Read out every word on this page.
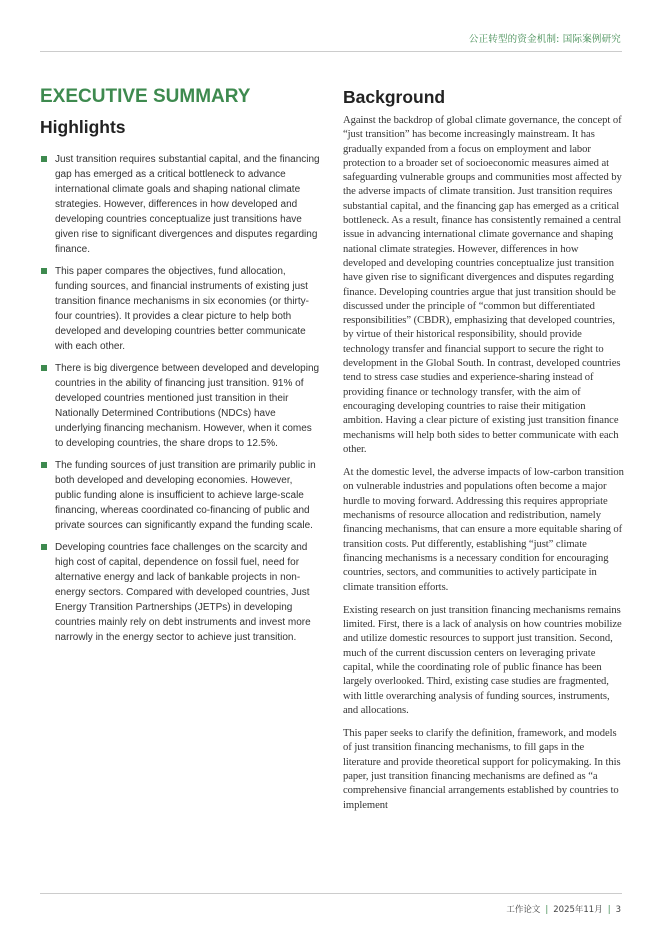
公正转型的资金机制: 国际案例研究
EXECUTIVE SUMMARY
Highlights
Just transition requires substantial capital, and the financing gap has emerged as a critical bottleneck to advance international climate goals and shaping national climate strategies. However, differences in how developed and developing countries conceptualize just transitions have given rise to significant divergences and disputes regarding finance.
This paper compares the objectives, fund allocation, funding sources, and financial instruments of existing just transition finance mechanisms in six economies (or thirty-four countries). It provides a clear picture to help both developed and developing countries better communicate with each other.
There is big divergence between developed and developing countries in the ability of financing just transition. 91% of developed countries mentioned just transition in their Nationally Determined Contributions (NDCs) have underlying financing mechanism. However, when it comes to developing countries, the share drops to 12.5%.
The funding sources of just transition are primarily public in both developed and developing economies. However, public funding alone is insufficient to achieve large-scale financing, whereas coordinated co-financing of public and private sources can significantly expand the funding scale.
Developing countries face challenges on the scarcity and high cost of capital, dependence on fossil fuel, need for alternative energy and lack of bankable projects in non-energy sectors. Compared with developed countries, Just Energy Transition Partnerships (JETPs) in developing countries mainly rely on debt instruments and invest more narrowly in the energy sector to achieve just transition.
Background

Against the backdrop of global climate governance, the concept of “just transition” has become increasingly mainstream. It has gradually expanded from a focus on employment and labor protection to a broader set of socioeconomic measures aimed at safeguarding vulnerable groups and communities most affected by the adverse impacts of climate transition. Just transition requires substantial capital, and the financing gap has emerged as a critical bottleneck. As a result, finance has consistently remained a central issue in advancing international climate governance and shaping national climate strategies. However, differences in how developed and developing countries conceptualize just transition have given rise to significant divergences and disputes regarding finance. Developing countries argue that just transition should be discussed under the principle of “common but differentiated responsibilities” (CBDR), emphasizing that developed countries, by virtue of their historical responsibility, should provide technology transfer and financial support to secure the right to development in the Global South. In contrast, developed countries tend to stress case studies and experience-sharing instead of providing finance or technology transfer, with the aim of encouraging developing countries to raise their mitigation ambition. Having a clear picture of existing just transition finance mechanisms will help both sides to better communicate with each other.

At the domestic level, the adverse impacts of low-carbon transition on vulnerable industries and populations often become a major hurdle to moving forward. Addressing this requires appropriate mechanisms of resource allocation and redistribution, namely financing mechanisms, that can ensure a more equitable sharing of transition costs. Put differently, establishing “just” climate financing mechanisms is a necessary condition for encouraging countries, sectors, and communities to actively participate in climate transition efforts.

Existing research on just transition financing mechanisms remains limited. First, there is a lack of analysis on how countries mobilize and utilize domestic resources to support just transition. Second, much of the current discussion centers on leveraging private capital, while the coordinating role of public finance has been largely overlooked. Third, existing case studies are fragmented, with little overarching analysis of funding sources, instruments, and allocations.

This paper seeks to clarify the definition, framework, and models of just transition financing mechanisms, to fill gaps in the literature and provide theoretical support for policymaking. In this paper, just transition financing mechanisms are defined as “a comprehensive financial arrangements established by countries to implement

工作论文 | 2025年11月 | 3
